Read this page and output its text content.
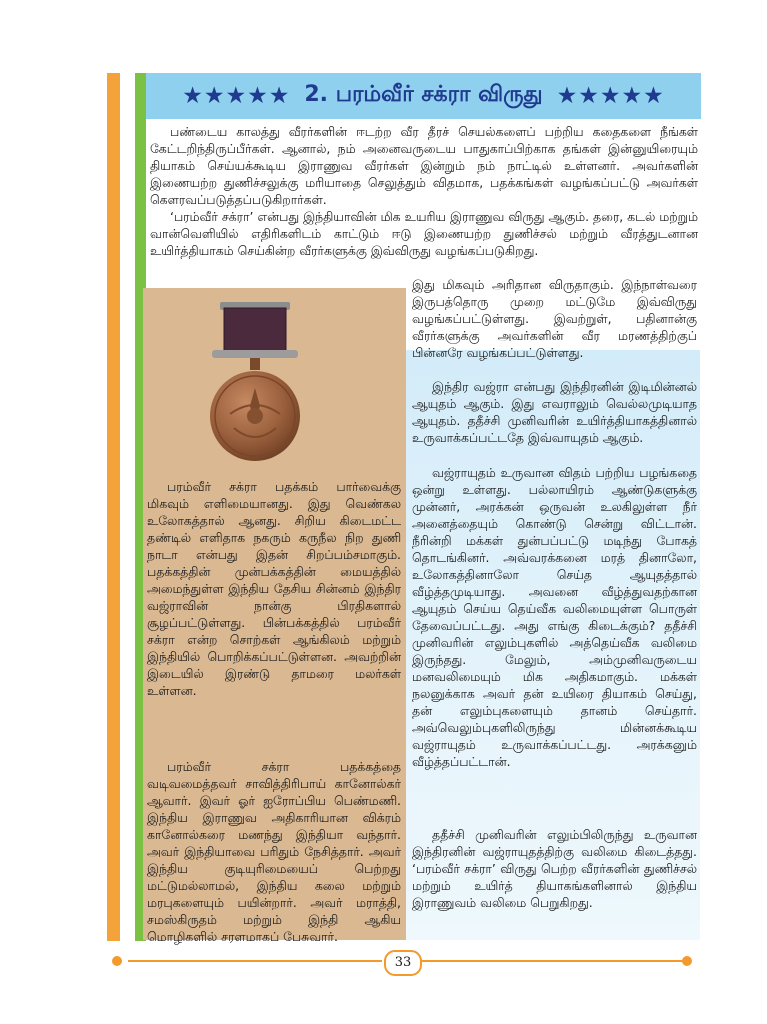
★★★★★ 2. பரம்வீர் சக்ரா விருது ★★★★★

பண்டைய காலத்து வீரர்களின் ஈடற்ற வீர தீரச் செயல்களைப் பற்றிய கதைகளை நீங்கள் கேட்டறிந்திருப்பீர்கள். ஆனால், நம் அனைவருடைய பாதுகாப்பிற்காக தங்கள் இன்னுயிரையும் தியாகம் செய்யக்கூடிய இராணுவ வீரர்கள் இன்றும் நம் நாட்டில் உள்ளனர். அவர்களின் இணையற்ற துணிச்சலுக்கு மரியாதை செலுத்தும் விதமாக, பதக்கங்கள் வழங்கப்பட்டு அவர்கள் கௌரவப்படுத்தப்படுகிறார்கள்.

‘பரம்வீர் சக்ரா’ என்பது இந்தியாவின் மிக உயரிய இராணுவ விருது ஆகும். தரை, கடல் மற்றும் வான்வெளியில் எதிரிகளிடம் காட்டும் ஈடு இணையற்ற துணிச்சல் மற்றும் வீரத்துடனான உயிர்த்தியாகம் செய்கின்ற வீரர்களுக்கு இவ்விருது வழங்கப்படுகிறது.

இது மிகவும் அரிதான விருதாகும். இந்நாள்வரை இருபத்தொரு முறை மட்டுமே இவ்விருது வழங்கப்பட்டுள்ளது. இவற்றுள், பதினான்கு வீரர்களுக்கு அவர்களின் வீர மரணத்திற்குப் பின்னரே வழங்கப்பட்டுள்ளது.

இந்திர வஜ்ரா என்பது இந்திரனின் இடிமின்னல் ஆயுதம் ஆகும். இது எவராலும் வெல்லமுடியாத ஆயுதம். ததீச்சி முனிவரின் உயிர்த்தியாகத்தினால் உருவாக்கப்பட்டதே இவ்வாயுதம் ஆகும்.

வஜ்ராயுதம் உருவான விதம் பற்றிய பழங்கதை ஒன்று உள்ளது. பல்லாயிரம் ஆண்டுகளுக்கு முன்னர், அரக்கன் ஒருவன் உலகிலுள்ள நீர் அனைத்தையும் கொண்டு சென்று விட்டான். நீரின்றி மக்கள் துன்பப்பட்டு மடிந்து போகத் தொடங்கினர். அவ்வரக்கனை மரத் தினாலோ, உலோகத்தினாலோ செய்த ஆயுதத்தால் வீழ்த்தமுடியாது. அவனை வீழ்த்துவதற்கான ஆயுதம் செய்ய தெய்வீக வலிமையுள்ள பொருள் தேவைப்பட்டது. அது எங்கு கிடைக்கும்? ததீச்சி முனிவரின் எலும்புகளில் அத்தெய்வீக வலிமை இருந்தது. மேலும், அம்முனிவருடைய மனவலிமையும் மிக அதிகமாகும். மக்கள் நலனுக்காக அவர் தன் உயிரை தியாகம் செய்து, தன் எலும்புகளையும் தானம் செய்தார். அவ்வெலும்புகளிலிருந்து மின்னக்கூடிய வஜ்ராயுதம் உருவாக்கப்பட்டது. அரக்கனும் வீழ்த்தப்பட்டான்.

ததீச்சி முனிவரின் எலும்பிலிருந்து உருவான இந்திரனின் வஜ்ராயுதத்திற்கு வலிமை கிடைத்தது. ‘பரம்வீர் சக்ரா’ விருது பெற்ற வீரர்களின் துணிச்சல் மற்றும் உயிர்த் தியாகங்களினால் இந்திய இராணுவம் வலிமை பெறுகிறது.

பரம்வீர் சக்ரா பதக்கம் பார்வைக்கு மிகவும் எளிமையானது. இது வெண்கல உலோகத்தால் ஆனது. சிறிய கிடைமட்ட தண்டில் எளிதாக நகரும் கருநீல நிற துணி நாடா என்பது இதன் சிறப்பம்சமாகும். பதக்கத்தின் முன்பக்கத்தின் மையத்தில் அமைந்துள்ள இந்திய தேசிய சின்னம் இந்திர வஜ்ராவின் நான்கு பிரதிகளால் சூழப்பட்டுள்ளது. பின்பக்கத்தில் பரம்வீர் சக்ரா என்ற சொற்கள் ஆங்கிலம் மற்றும் இந்தியில் பொறிக்கப்பட்டுள்ளன. அவற்றின் இடையில் இரண்டு தாமரை மலர்கள் உள்ளன.

பரம்வீர் சக்ரா பதக்கத்தை வடிவமைத்தவர் சாவித்திரிபாய் கானோல்கர் ஆவார். இவர் ஓர் ஐரோப்பிய பெண்மணி. இந்திய இராணுவ அதிகாரியான விக்ரம் கானோல்கரை மணந்து இந்தியா வந்தார். அவர் இந்தியாவை பரிதும் நேசித்தார். அவர் இந்திய குடியுரிமையைப் பெற்றது மட்டுமல்லாமல், இந்திய கலை மற்றும் மரபுகளையும் பயின்றார். அவர் மராத்தி, சமஸ்கிருதம் மற்றும் இந்தி ஆகிய மொழிகளில் சரளமாகப் பேசுவார்.

33
